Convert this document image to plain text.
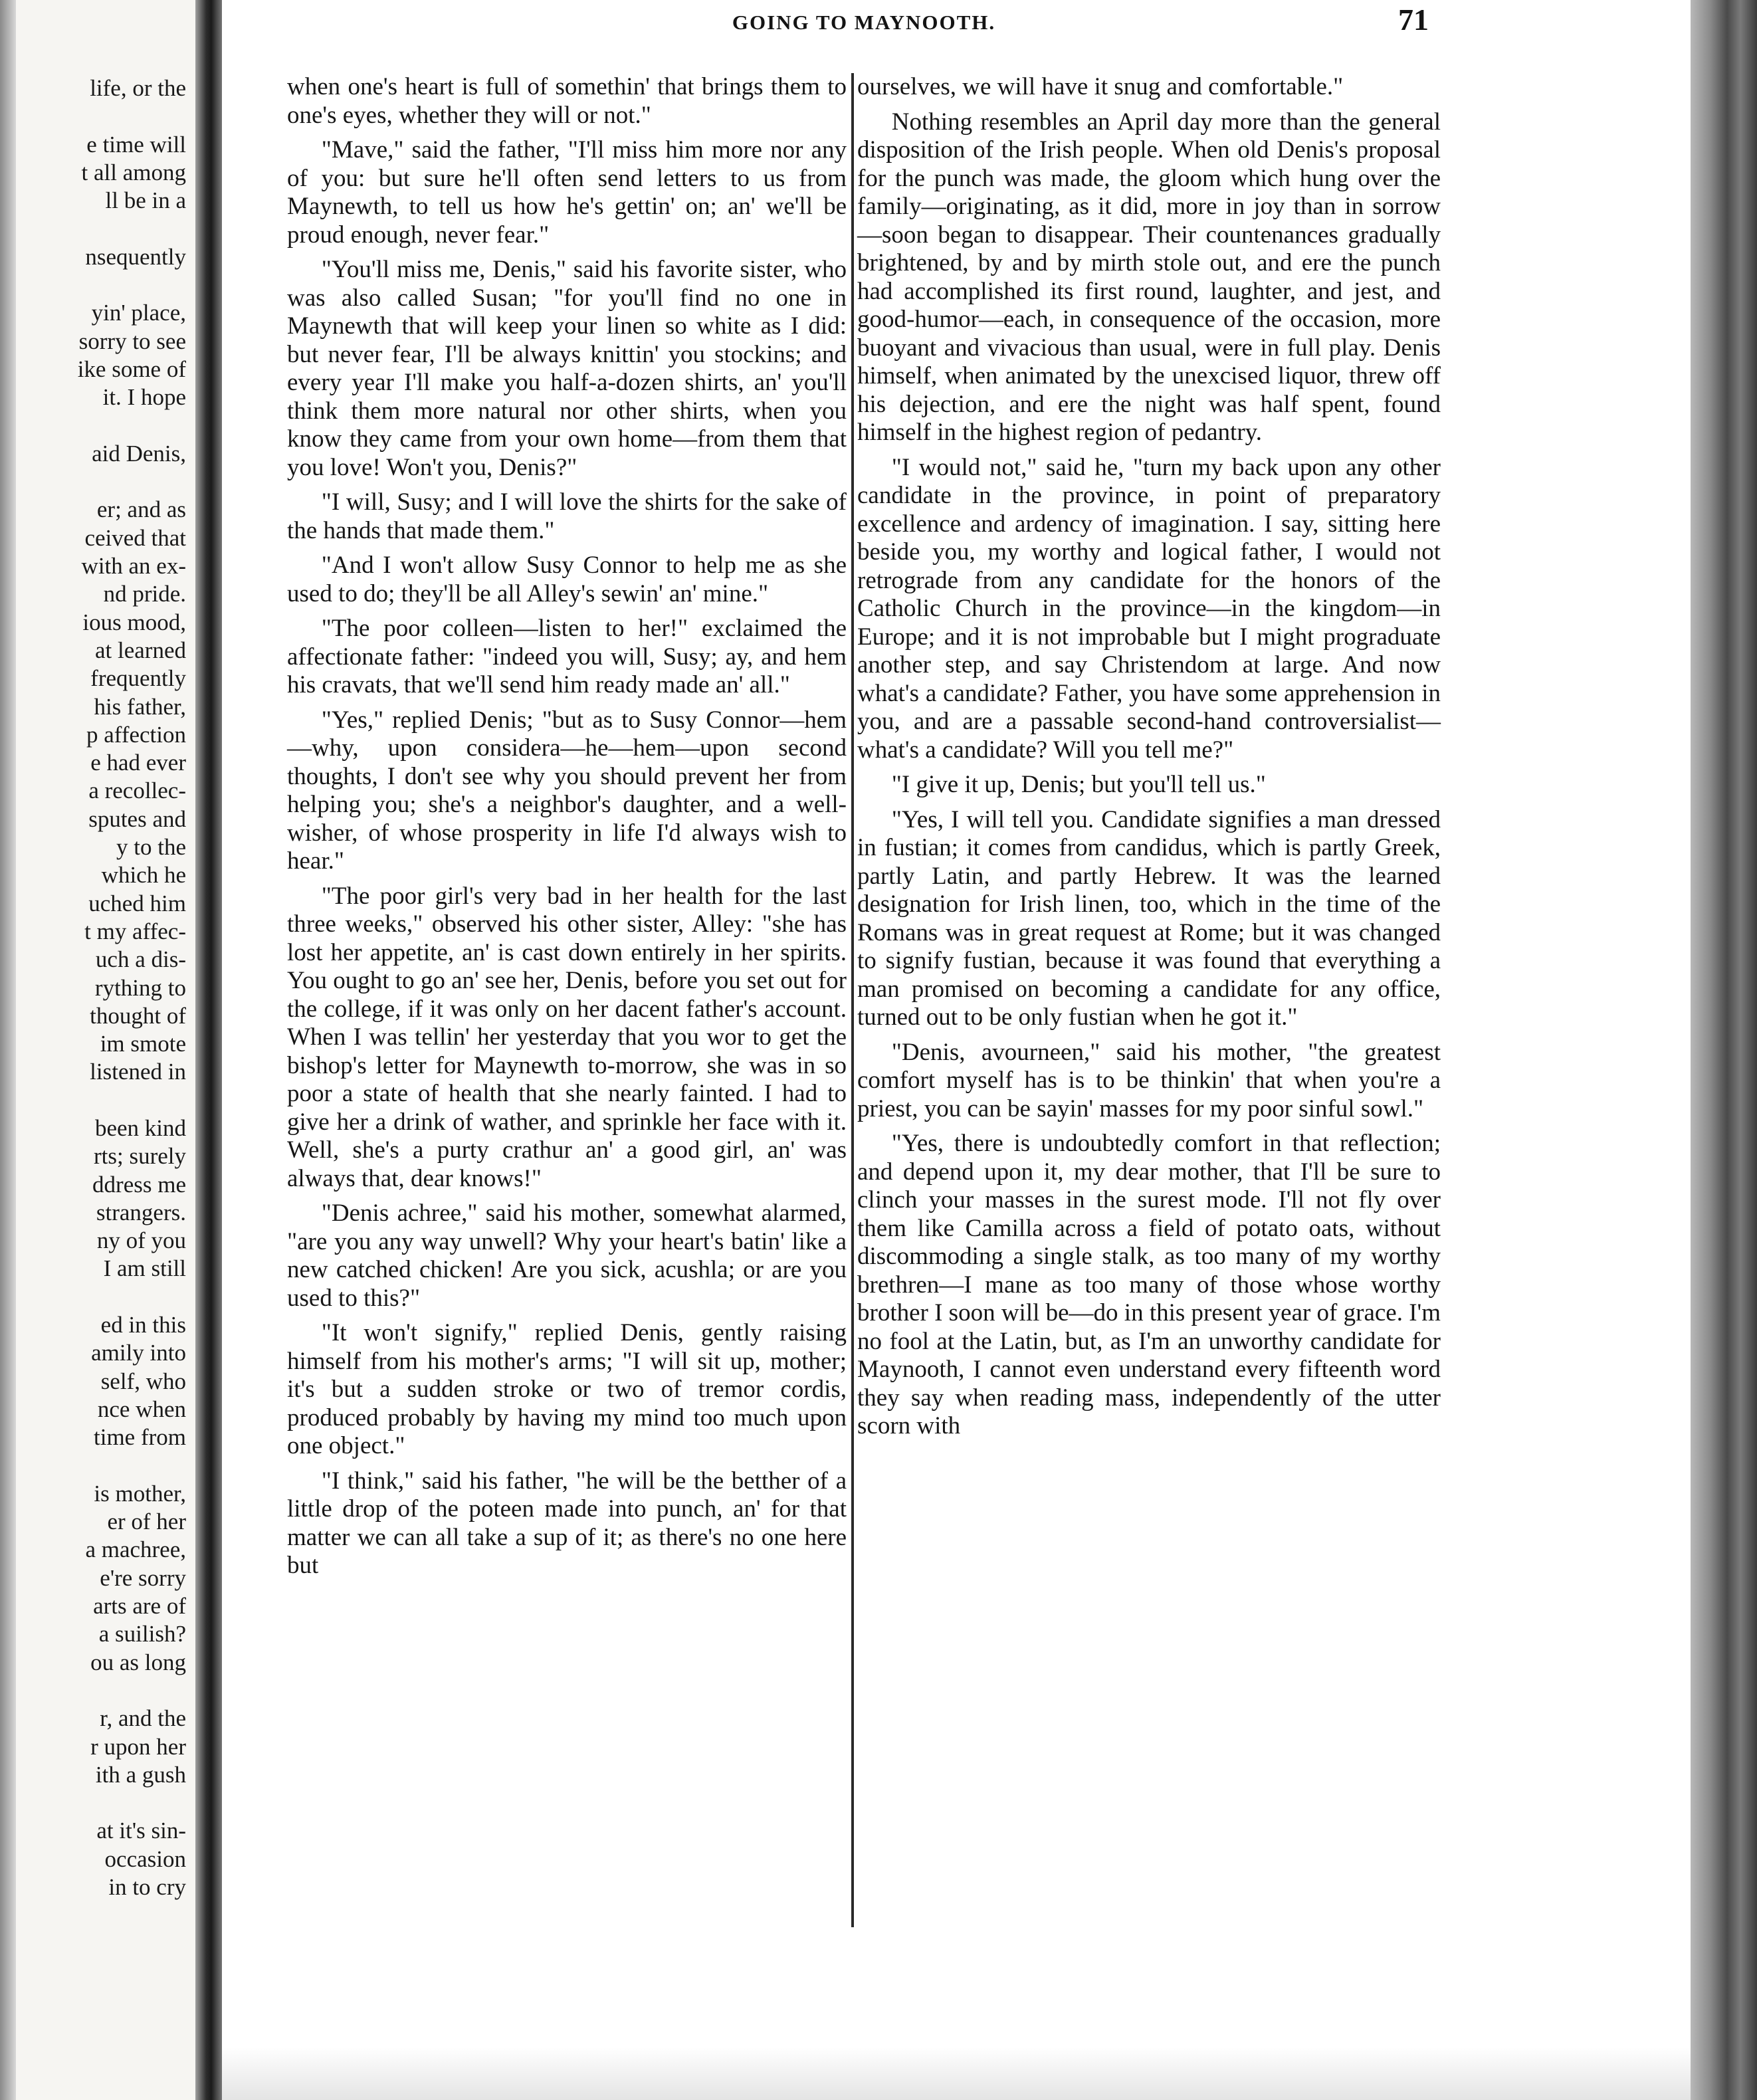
life, or the
e time will
t all among
ll be in a
nsequently
yin' place,
sorry to see
ike some of
it. I hope
aid Denis,
er; and as
ceived that
with an ex-
nd pride.
ious mood,
at learned
frequently
his father,
p affection
e had ever
a recollec-
sputes and
y to the
which he
uched him
t my affec-
uch a dis-
rything to
thought of
im smote
listened in
been kind
rts; surely
ddress me
strangers.
ny of you
I am still
ed in this
amily into
self, who
nce when
time from
is mother,
er of her
a machree,
e're sorry
arts are of
a suilish?
ou as long
r, and the
r upon her
ith a gush
at it's sin-
occasion
in to cry
GOING TO MAYNOOTH.	71

when one's heart is full of somethin' that brings them to one's eyes, whether they will or not."

"Mave," said the father, "I'll miss him more nor any of you: but sure he'll often send letters to us from Maynewth, to tell us how he's gettin' on; an' we'll be proud enough, never fear."

"You'll miss me, Denis," said his favorite sister, who was also called Susan; "for you'll find no one in Maynewth that will keep your linen so white as I did: but never fear, I'll be always knittin' you stockins; and every year I'll make you half-a-dozen shirts, an' you'll think them more natural nor other shirts, when you know they came from your own home—from them that you love! Won't you, Denis?"

"I will, Susy; and I will love the shirts for the sake of the hands that made them."

"And I won't allow Susy Connor to help me as she used to do; they'll be all Alley's sewin' an' mine."

"The poor colleen—listen to her!" exclaimed the affectionate father: "indeed you will, Susy; ay, and hem his cravats, that we'll send him ready made an' all."

"Yes," replied Denis; "but as to Susy Connor—hem—why, upon considera—he—hem—upon second thoughts, I don't see why you should prevent her from helping you; she's a neighbor's daughter, and a well-wisher, of whose prosperity in life I'd always wish to hear."

"The poor girl's very bad in her health for the last three weeks," observed his other sister, Alley: "she has lost her appetite, an' is cast down entirely in her spirits. You ought to go an' see her, Denis, before you set out for the college, if it was only on her dacent father's account. When I was tellin' her yesterday that you wor to get the bishop's letter for Maynewth to-morrow, she was in so poor a state of health that she nearly fainted. I had to give her a drink of wather, and sprinkle her face with it. Well, she's a purty crathur an' a good girl, an' was always that, dear knows!"

"Denis achree," said his mother, somewhat alarmed, "are you any way unwell? Why your heart's batin' like a new catched chicken! Are you sick, acushla; or are you used to this?"

"It won't signify," replied Denis, gently raising himself from his mother's arms; "I will sit up, mother; it's but a sudden stroke or two of tremor cordis, produced probably by having my mind too much upon one object."

"I think," said his father, "he will be the betther of a little drop of the poteen made into punch, an' for that matter we can all take a sup of it; as there's no one here but

ourselves, we will have it snug and comfortable."

Nothing resembles an April day more than the general disposition of the Irish people. When old Denis's proposal for the punch was made, the gloom which hung over the family—originating, as it did, more in joy than in sorrow—soon began to disappear. Their countenances gradually brightened, by and by mirth stole out, and ere the punch had accomplished its first round, laughter, and jest, and good-humor—each, in consequence of the occasion, more buoyant and vivacious than usual, were in full play. Denis himself, when animated by the unexcised liquor, threw off his dejection, and ere the night was half spent, found himself in the highest region of pedantry.

"I would not," said he, "turn my back upon any other candidate in the province, in point of preparatory excellence and ardency of imagination. I say, sitting here beside you, my worthy and logical father, I would not retrograde from any candidate for the honors of the Catholic Church in the province—in the kingdom—in Europe; and it is not improbable but I might prograduate another step, and say Christendom at large. And now what's a candidate? Father, you have some apprehension in you, and are a passable second-hand controversialist—what's a candidate? Will you tell me?"

"I give it up, Denis; but you'll tell us."

"Yes, I will tell you. Candidate signifies a man dressed in fustian; it comes from candidus, which is partly Greek, partly Latin, and partly Hebrew. It was the learned designation for Irish linen, too, which in the time of the Romans was in great request at Rome; but it was changed to signify fustian, because it was found that everything a man promised on becoming a candidate for any office, turned out to be only fustian when he got it."

"Denis, avourneen," said his mother, "the greatest comfort myself has is to be thinkin' that when you're a priest, you can be sayin' masses for my poor sinful sowl."

"Yes, there is undoubtedly comfort in that reflection; and depend upon it, my dear mother, that I'll be sure to clinch your masses in the surest mode. I'll not fly over them like Camilla across a field of potato oats, without discommoding a single stalk, as too many of my worthy brethren—I mane as too many of those whose worthy brother I soon will be—do in this present year of grace. I'm no fool at the Latin, but, as I'm an unworthy candidate for Maynooth, I cannot even understand every fifteenth word they say when reading mass, independently of the utter scorn with
